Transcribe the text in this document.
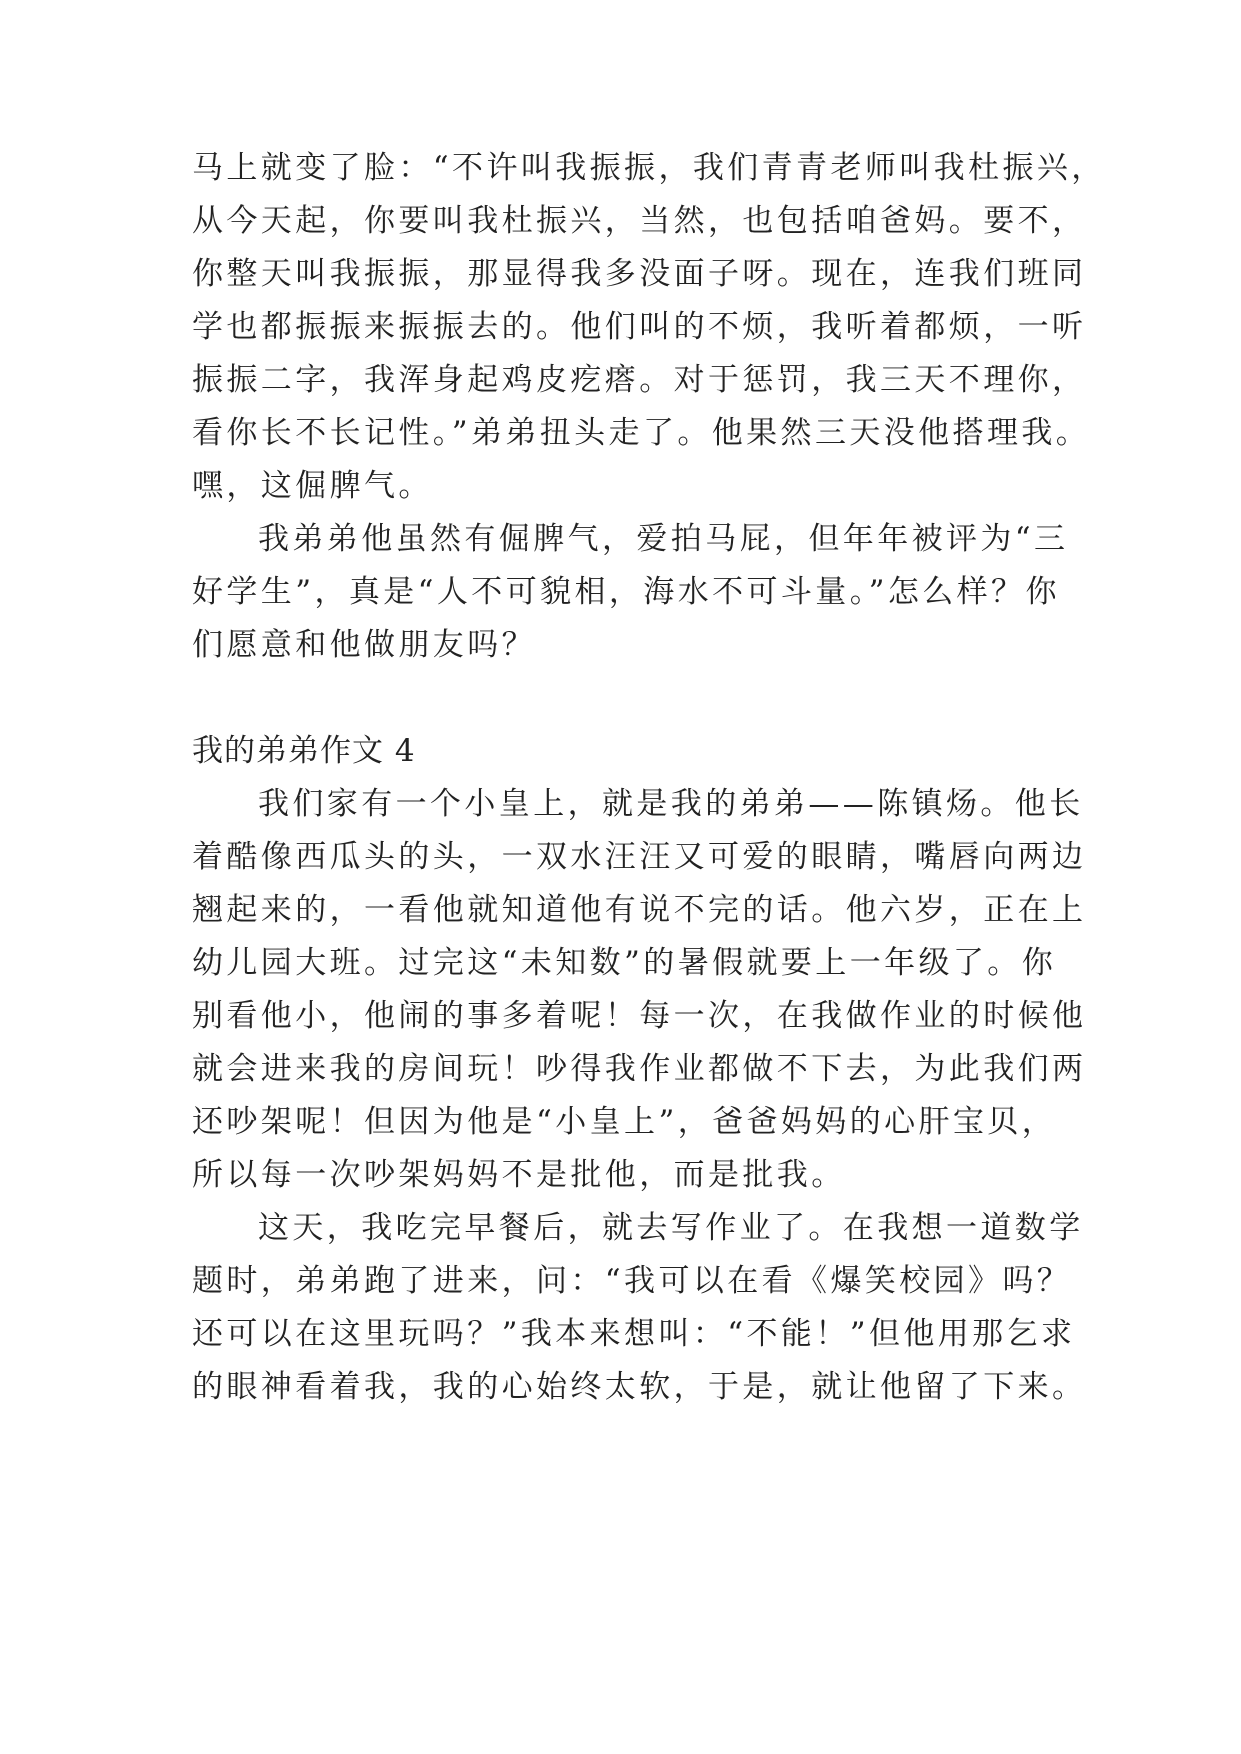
马上就变了脸：“不许叫我振振，我们青青老师叫我杜振兴，
从今天起，你要叫我杜振兴，当然，也包括咱爸妈。要不，
你整天叫我振振，那显得我多没面子呀。现在，连我们班同
学也都振振来振振去的。他们叫的不烦，我听着都烦，一听
振振二字，我浑身起鸡皮疙瘩。对于惩罚，我三天不理你，
看你长不长记性。”弟弟扭头走了。他果然三天没他搭理我。
嘿，这倔脾气。
我弟弟他虽然有倔脾气，爱拍马屁，但年年被评为“三
好学生”，真是“人不可貌相，海水不可斗量。”怎么样？你
们愿意和他做朋友吗？
我的弟弟作文 4
我们家有一个小皇上，就是我的弟弟——陈镇炀。他长
着酷像西瓜头的头，一双水汪汪又可爱的眼睛，嘴唇向两边
翘起来的，一看他就知道他有说不完的话。他六岁，正在上
幼儿园大班。过完这“未知数”的暑假就要上一年级了。你
别看他小，他闹的事多着呢！每一次，在我做作业的时候他
就会进来我的房间玩！吵得我作业都做不下去，为此我们两
还吵架呢！但因为他是“小皇上”，爸爸妈妈的心肝宝贝，
所以每一次吵架妈妈不是批他，而是批我。
这天，我吃完早餐后，就去写作业了。在我想一道数学
题时，弟弟跑了进来，问：“我可以在看《爆笑校园》吗？
还可以在这里玩吗？”我本来想叫：“不能！”但他用那乞求
的眼神看着我，我的心始终太软，于是，就让他留了下来。
